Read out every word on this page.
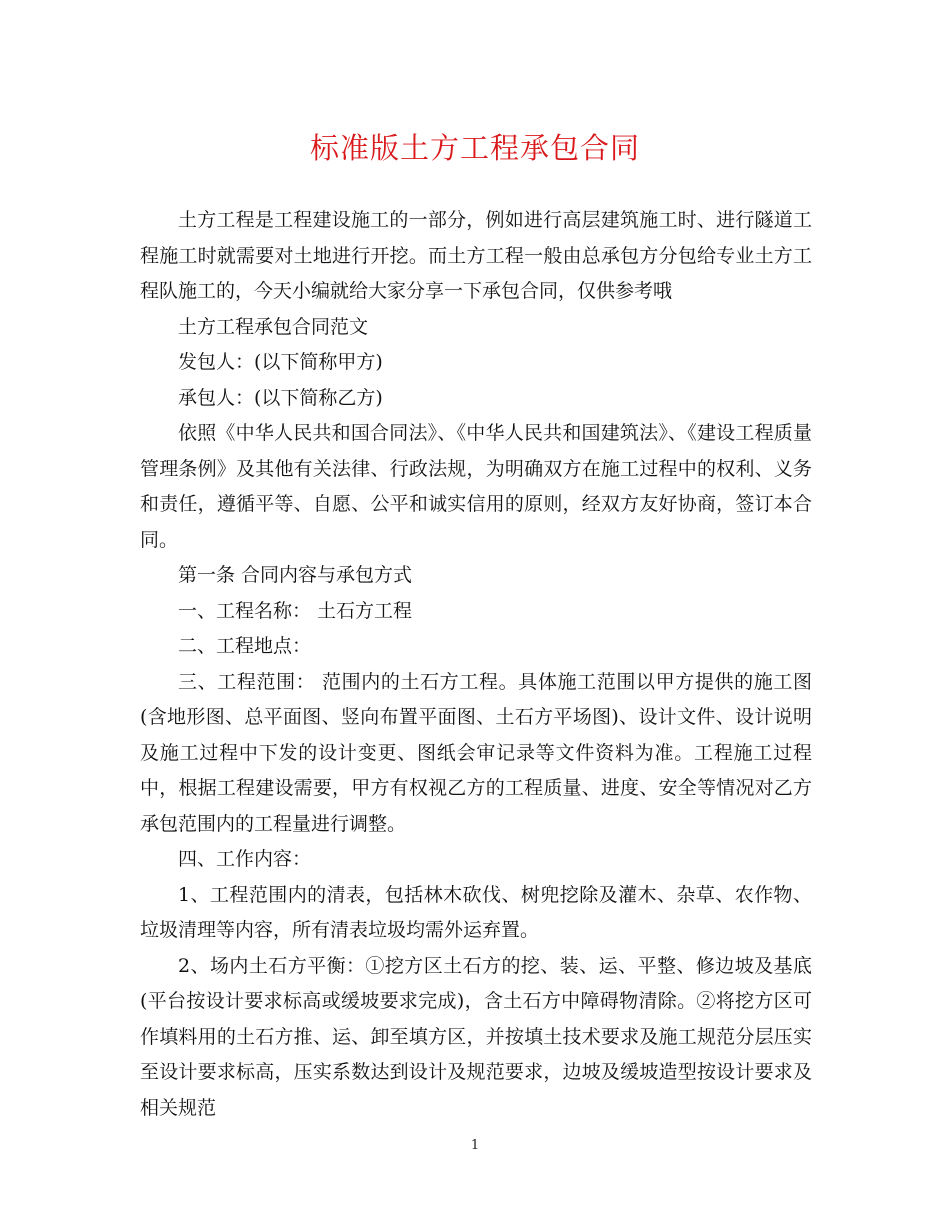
标准版土方工程承包合同

土方工程是工程建设施工的一部分，例如进行高层建筑施工时、进行隧道工程施工时就需要对土地进行开挖。而土方工程一般由总承包方分包给专业土方工程队施工的，今天小编就给大家分享一下承包合同，仅供参考哦

土方工程承包合同范文

发包人：(以下简称甲方)

承包人：(以下简称乙方)

依照《中华人民共和国合同法》、《中华人民共和国建筑法》、《建设工程质量管理条例》及其他有关法律、行政法规，为明确双方在施工过程中的权利、义务和责任，遵循平等、自愿、公平和诚实信用的原则，经双方友好协商，签订本合同。

第一条 合同内容与承包方式

一、工程名称： 土石方工程

二、工程地点：

三、工程范围： 范围内的土石方工程。具体施工范围以甲方提供的施工图(含地形图、总平面图、竖向布置平面图、土石方平场图)、设计文件、设计说明及施工过程中下发的设计变更、图纸会审记录等文件资料为准。工程施工过程中，根据工程建设需要，甲方有权视乙方的工程质量、进度、安全等情况对乙方承包范围内的工程量进行调整。

四、工作内容：

1、工程范围内的清表，包括林木砍伐、树兜挖除及灌木、杂草、农作物、垃圾清理等内容，所有清表垃圾均需外运弃置。

2、场内土石方平衡：①挖方区土石方的挖、装、运、平整、修边坡及基底(平台按设计要求标高或缓坡要求完成)，含土石方中障碍物清除。②将挖方区可作填料用的土石方推、运、卸至填方区，并按填土技术要求及施工规范分层压实至设计要求标高，压实系数达到设计及规范要求，边坡及缓坡造型按设计要求及相关规范

1
